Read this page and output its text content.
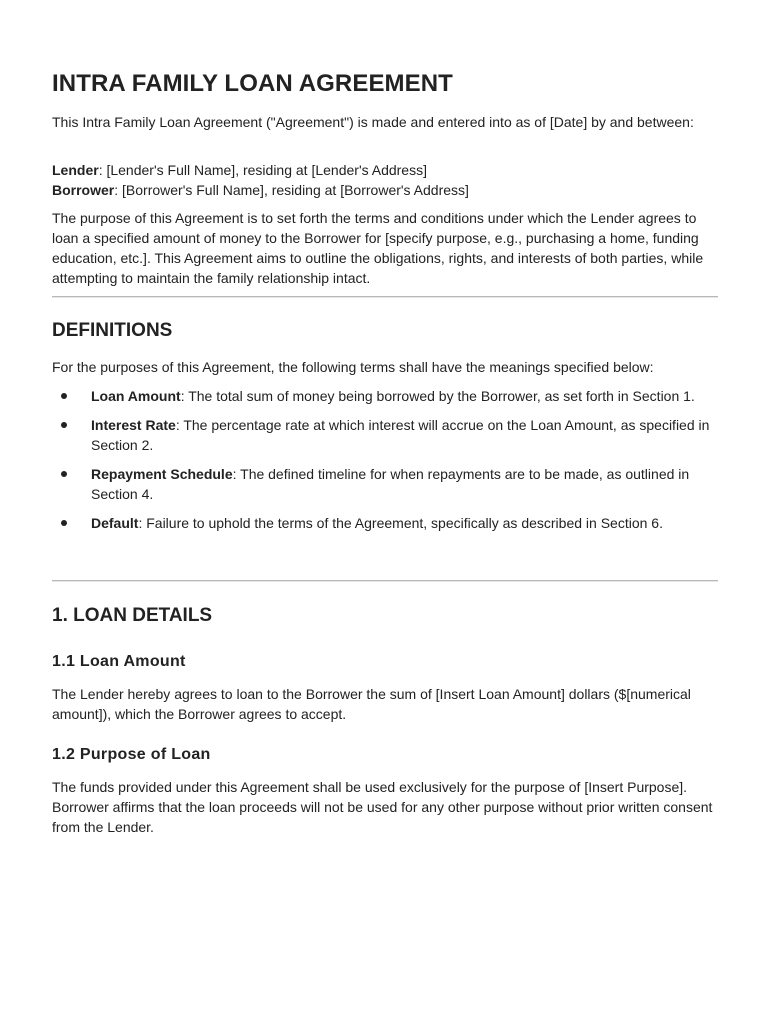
INTRA FAMILY LOAN AGREEMENT

This Intra Family Loan Agreement ("Agreement") is made and entered into as of [Date] by and between:

Lender: [Lender's Full Name], residing at [Lender's Address]
Borrower: [Borrower's Full Name], residing at [Borrower's Address]

The purpose of this Agreement is to set forth the terms and conditions under which the Lender agrees to loan a specified amount of money to the Borrower for [specify purpose, e.g., purchasing a home, funding education, etc.]. This Agreement aims to outline the obligations, rights, and interests of both parties, while attempting to maintain the family relationship intact.

DEFINITIONS

For the purposes of this Agreement, the following terms shall have the meanings specified below:

Loan Amount: The total sum of money being borrowed by the Borrower, as set forth in Section 1.
Interest Rate: The percentage rate at which interest will accrue on the Loan Amount, as specified in Section 2.
Repayment Schedule: The defined timeline for when repayments are to be made, as outlined in Section 4.
Default: Failure to uphold the terms of the Agreement, specifically as described in Section 6.
1. LOAN DETAILS
1.1 Loan Amount

The Lender hereby agrees to loan to the Borrower the sum of [Insert Loan Amount] dollars ($[numerical amount]), which the Borrower agrees to accept.

1.2 Purpose of Loan

The funds provided under this Agreement shall be used exclusively for the purpose of [Insert Purpose]. Borrower affirms that the loan proceeds will not be used for any other purpose without prior written consent from the Lender.
